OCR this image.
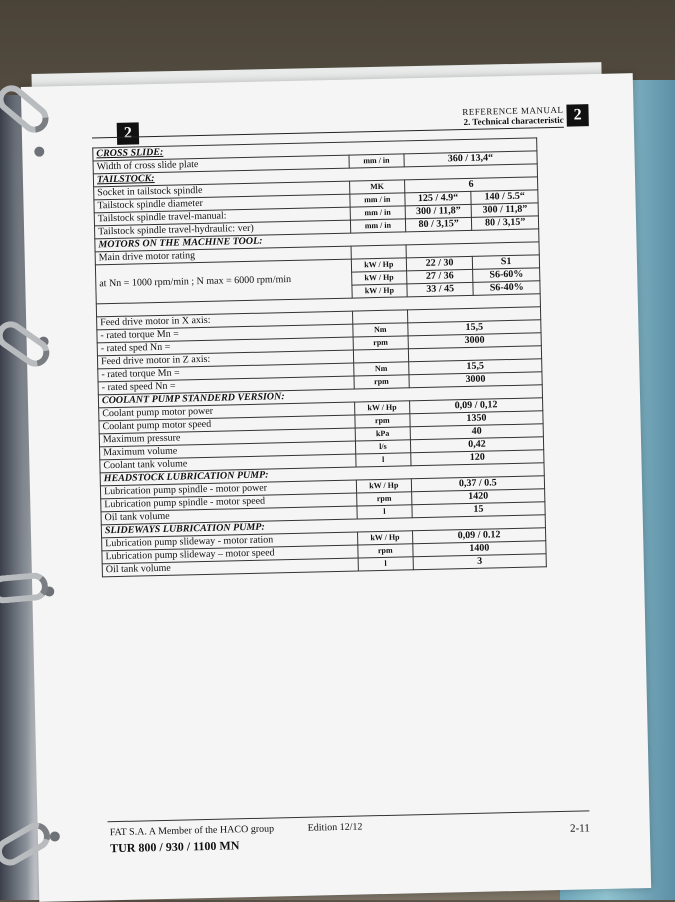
2
REFERENCE MANUAL
2. Technical characteristic 2
CROSS SLIDE:			
Width of cross slide plate	mm / in	360 / 13,4“	
TAILSTOCK:			
Socket in tailstock spindle	MK	6	
Tailstock spindle diameter	mm / in	125 / 4.9“	140 / 5.5“
Tailstock spindle travel-manual:	mm / in	300 / 11,8”	300 / 11,8”
Tailstock spindle travel-hydraulic: ver)	mm / in	80 / 3,15”	80 / 3,15”
MOTORS ON THE MACHINE TOOL:			
Main drive motor rating			
at Nn = 1000 rpm/min ; N max = 6000 rpm/min	kW / Hp	22 / 30	S1
	kW / Hp	27 / 36	S6-60%
	kW / Hp	33 / 45	S6-40%

Feed drive motor in X axis:			
- rated torque Mn =	Nm	15,5	
- rated sped Nn =	rpm	3000	
Feed drive motor in Z axis:			
- rated torque Mn =	Nm	15,5	
- rated speed Nn =	rpm	3000	
COOLANT PUMP STANDERD VERSION:			
Coolant pump motor power	kW / Hp	0,09 / 0,12	
Coolant pump motor speed	rpm	1350	
Maximum pressure	kPa	40	
Maximum volume	l/s	0,42	
Coolant tank volume	l	120	
HEADSTOCK LUBRICATION PUMP:			
Lubrication pump spindle - motor power	kW / Hp	0,37 / 0.5	
Lubrication pump spindle - motor speed	rpm	1420	
Oil tank volume	l	15	
SLIDEWAYS LUBRICATION PUMP:			
Lubrication pump slideway - motor ration	kW / Hp	0,09 / 0.12	
Lubrication pump slideway – motor speed	rpm	1400	
Oil tank volume	l	3	
FAT S.A. A Member of the HACO group	Edition 12/12
TUR 800 / 930 / 1100 MN
2-11
